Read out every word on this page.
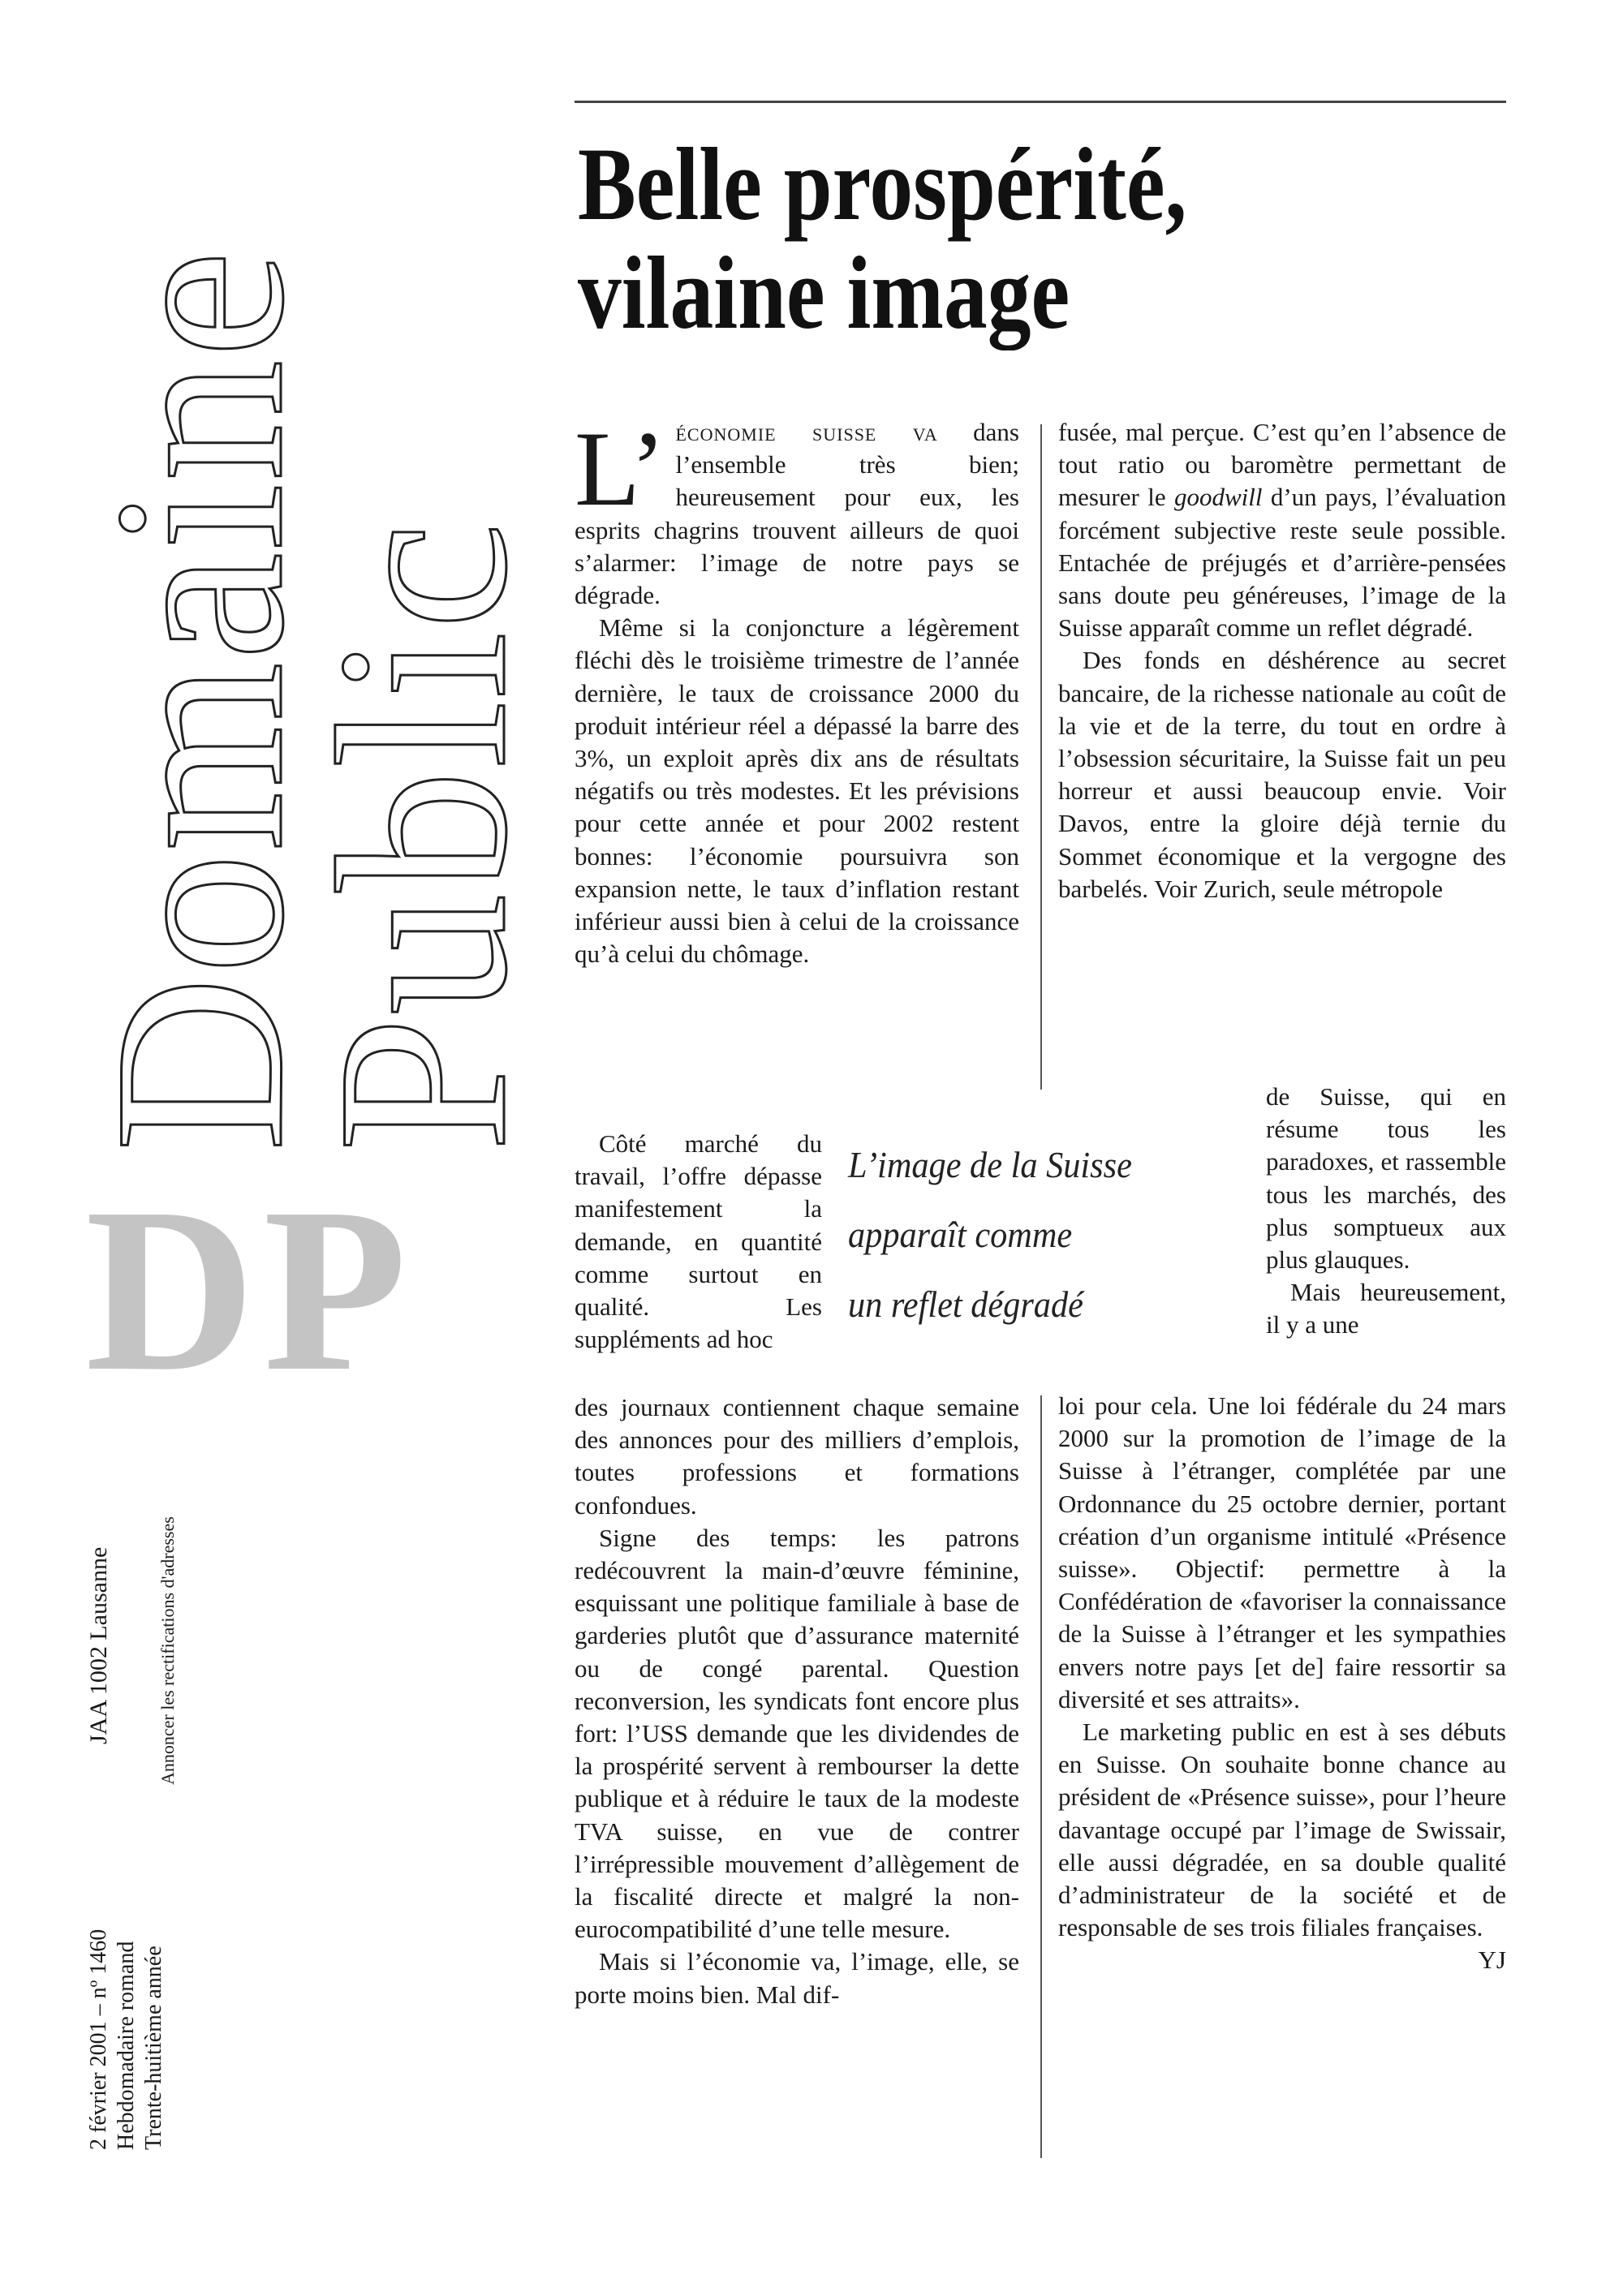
Domaine
Public
DP
JAA 1002 Lausanne	Annoncer les rectifications d'adresses
2 février 2001 – nº 1460 Hebdomadaire romand Trente-huitième année
Belle prospérité,
vilaine image

L’ économie suisse va dans l’ensemble très bien; heureusement pour eux, les esprits chagrins trouvent ailleurs de quoi s’alarmer: l’image de notre pays se dégrade.

Même si la conjoncture a légèrement fléchi dès le troisième trimestre de l’année dernière, le taux de croissance 2000 du produit intérieur réel a dépassé la barre des 3%, un exploit après dix ans de résultats négatifs ou très modestes. Et les prévisions pour cette année et pour 2002 restent bonnes: l’économie poursuivra son expansion nette, le taux d’inflation restant inférieur aussi bien à celui de la croissance qu’à celui du chômage.

Côté marché du travail, l’offre dépasse manifestement la demande, en quantité comme surtout en qualité. Les suppléments ad hoc

L’image de la Suisse
apparaît comme
un reflet dégradé

des journaux contiennent chaque semaine des annonces pour des milliers d’emplois, toutes professions et formations confondues.

Signe des temps: les patrons redécouvrent la main-d’œuvre féminine, esquissant une politique familiale à base de garderies plutôt que d’assurance maternité ou de congé parental. Question reconversion, les syndicats font encore plus fort: l’USS demande que les dividendes de la prospérité servent à rembourser la dette publique et à réduire le taux de la modeste TVA suisse, en vue de contrer l’irrépressible mouvement d’allègement de la fiscalité directe et malgré la non-eurocompatibilité d’une telle mesure.

Mais si l’économie va, l’image, elle, se porte moins bien. Mal dif-

fusée, mal perçue. C’est qu’en l’absence de tout ratio ou baromètre permettant de mesurer le goodwill d’un pays, l’évaluation forcément subjective reste seule possible. Entachée de préjugés et d’arrière-pensées sans doute peu généreuses, l’image de la Suisse apparaît comme un reflet dégradé.

Des fonds en déshérence au secret bancaire, de la richesse nationale au coût de la vie et de la terre, du tout en ordre à l’obsession sécuritaire, la Suisse fait un peu horreur et aussi beaucoup envie. Voir Davos, entre la gloire déjà ternie du Sommet économique et la vergogne des barbelés. Voir Zurich, seule métropole

de Suisse, qui en résume tous les paradoxes, et rassemble tous les marchés, des plus somptueux aux plus glauques.

Mais heureusement, il y a une

loi pour cela. Une loi fédérale du 24 mars 2000 sur la promotion de l’image de la Suisse à l’étranger, complétée par une Ordonnance du 25 octobre dernier, portant création d’un organisme intitulé «Présence suisse». Objectif: permettre à la Confédération de «favoriser la connaissance de la Suisse à l’étranger et les sympathies envers notre pays [et de] faire ressortir sa diversité et ses attraits».

Le marketing public en est à ses débuts en Suisse. On souhaite bonne chance au président de «Présence suisse», pour l’heure davantage occupé par l’image de Swissair, elle aussi dégradée, en sa double qualité d’administrateur de la société et de responsable de ses trois filiales françaises.
YJ
